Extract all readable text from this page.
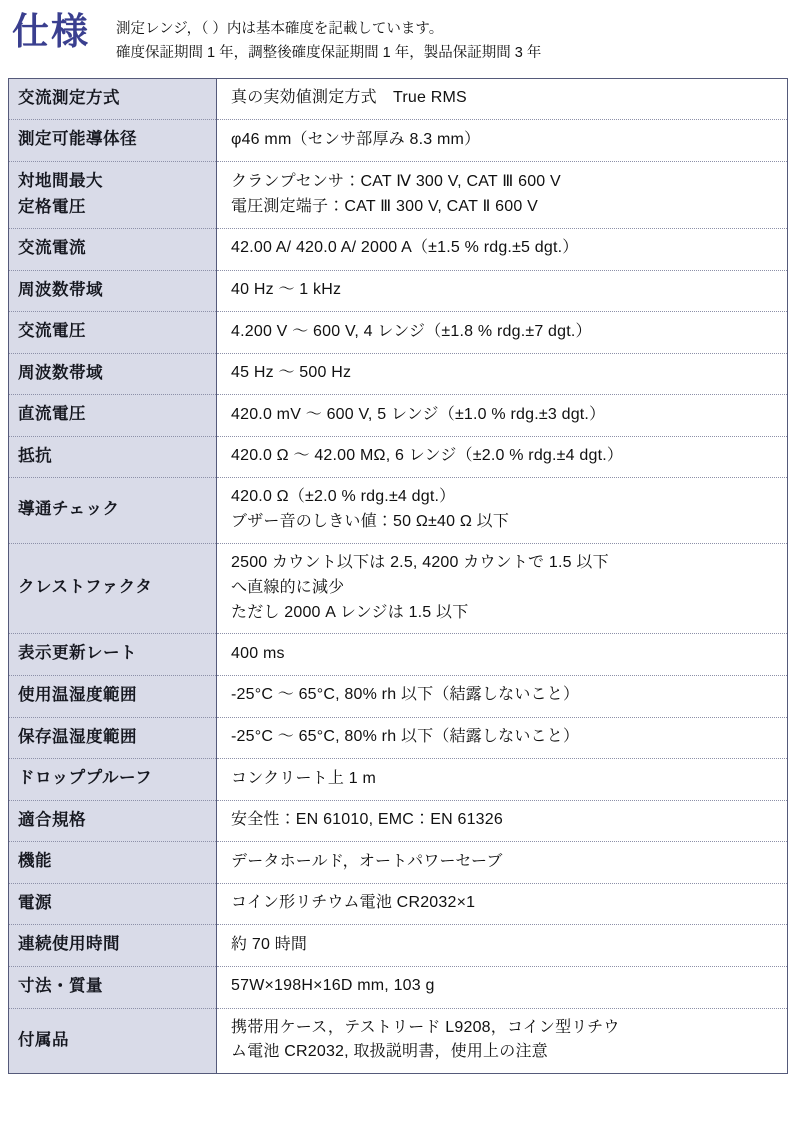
仕様 測定レンジ，（ ）内は基本確度を記載しています。
確度保証期間 1 年，調整後確度保証期間 1 年，製品保証期間 3 年
交流測定方式	真の実効値測定方式　True RMS

測定可能導体径	φ46 mm（センサ部厚み 8.3 mm）

対地間最大
定格電圧	クランプセンサ：CAT Ⅳ 300 V, CAT Ⅲ 600 V
電圧測定端子：CAT Ⅲ 300 V, CAT Ⅱ 600 V

交流電流	42.00 A/ 420.0 A/ 2000 A（±1.5 % rdg.±5 dgt.）

周波数帯域	40 Hz 〜 1 kHz

交流電圧	4.200 V 〜 600 V, 4 レンジ（±1.8 % rdg.±7 dgt.）

周波数帯域	45 Hz 〜 500 Hz

直流電圧	420.0 mV 〜 600 V, 5 レンジ（±1.0 % rdg.±3 dgt.）

抵抗	420.0 Ω 〜 42.00 MΩ, 6 レンジ（±2.0 % rdg.±4 dgt.）

導通チェック	420.0 Ω（±2.0 % rdg.±4 dgt.）
ブザー音のしきい値：50 Ω±40 Ω 以下

クレストファクタ	2500 カウント以下は 2.5, 4200 カウントで 1.5 以下
へ直線的に減少
ただし 2000 A レンジは 1.5 以下

表示更新レート	400 ms

使用温湿度範囲	-25°C 〜 65°C, 80% rh 以下（結露しないこと）

保存温湿度範囲	-25°C 〜 65°C, 80% rh 以下（結露しないこと）

ドロッププルーフ	コンクリート上 1 m

適合規格	安全性：EN 61010, EMC：EN 61326

機能	データホールド，オートパワーセーブ

電源	コイン形リチウム電池 CR2032×1

連続使用時間	約 70 時間

寸法・質量	57W×198H×16D mm, 103 g

付属品	携帯用ケース，テストリード L9208，コイン型リチウ
ム電池 CR2032, 取扱説明書，使用上の注意
